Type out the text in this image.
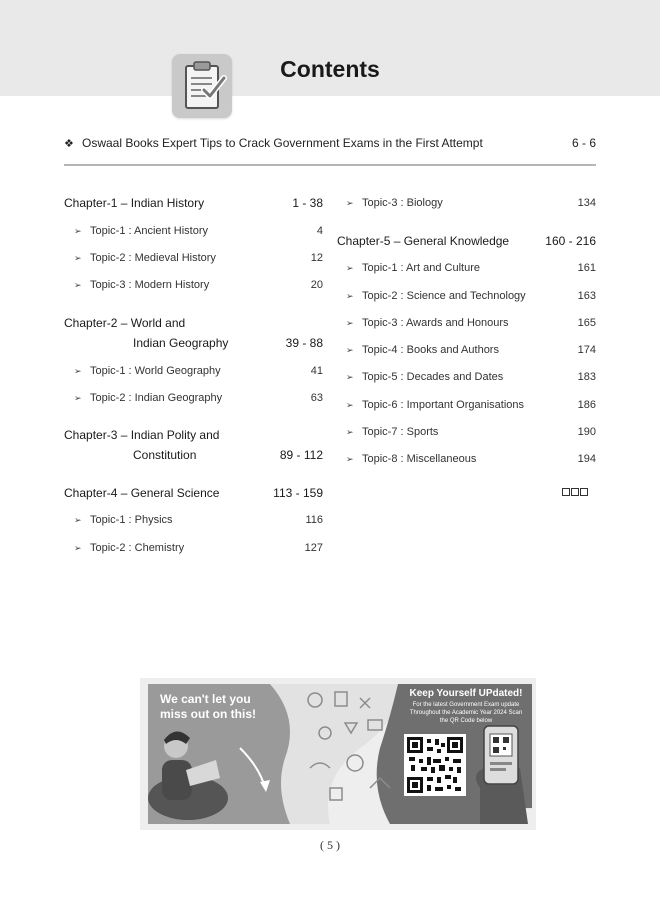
Contents
❖ Oswaal Books Expert Tips to Crack Government Exams in the First Attempt	6 - 6
Chapter-1 – Indian History	1 - 38
➢ Topic-1 : Ancient History	4
➢ Topic-2 : Medieval History	12
➢ Topic-3 : Modern History	20
Chapter-2 – World and
Indian Geography	39 - 88
➢ Topic-1 : World Geography	41
➢ Topic-2 : Indian Geography	63
Chapter-3 – Indian Polity and
Constitution	89 - 112
Chapter-4 – General Science	113 - 159
➢ Topic-1 : Physics	116
➢ Topic-2 : Chemistry	127
➢ Topic-3 : Biology	134
Chapter-5 – General Knowledge	160 - 216
➢ Topic-1 : Art and Culture	161
➢ Topic-2 : Science and Technology	163
➢ Topic-3 : Awards and Honours	165
➢ Topic-4 : Books and Authors	174
➢ Topic-5 : Decades and Dates	183
➢ Topic-6 : Important Organisations	186
➢ Topic-7 : Sports	190
➢ Topic-8 : Miscellaneous	194
We can't let you miss out on this!
Keep Yourself UPdated!
For the latest Government Exam update Throughout the Academic Year 2024 Scan the QR Code below
( 5 )
